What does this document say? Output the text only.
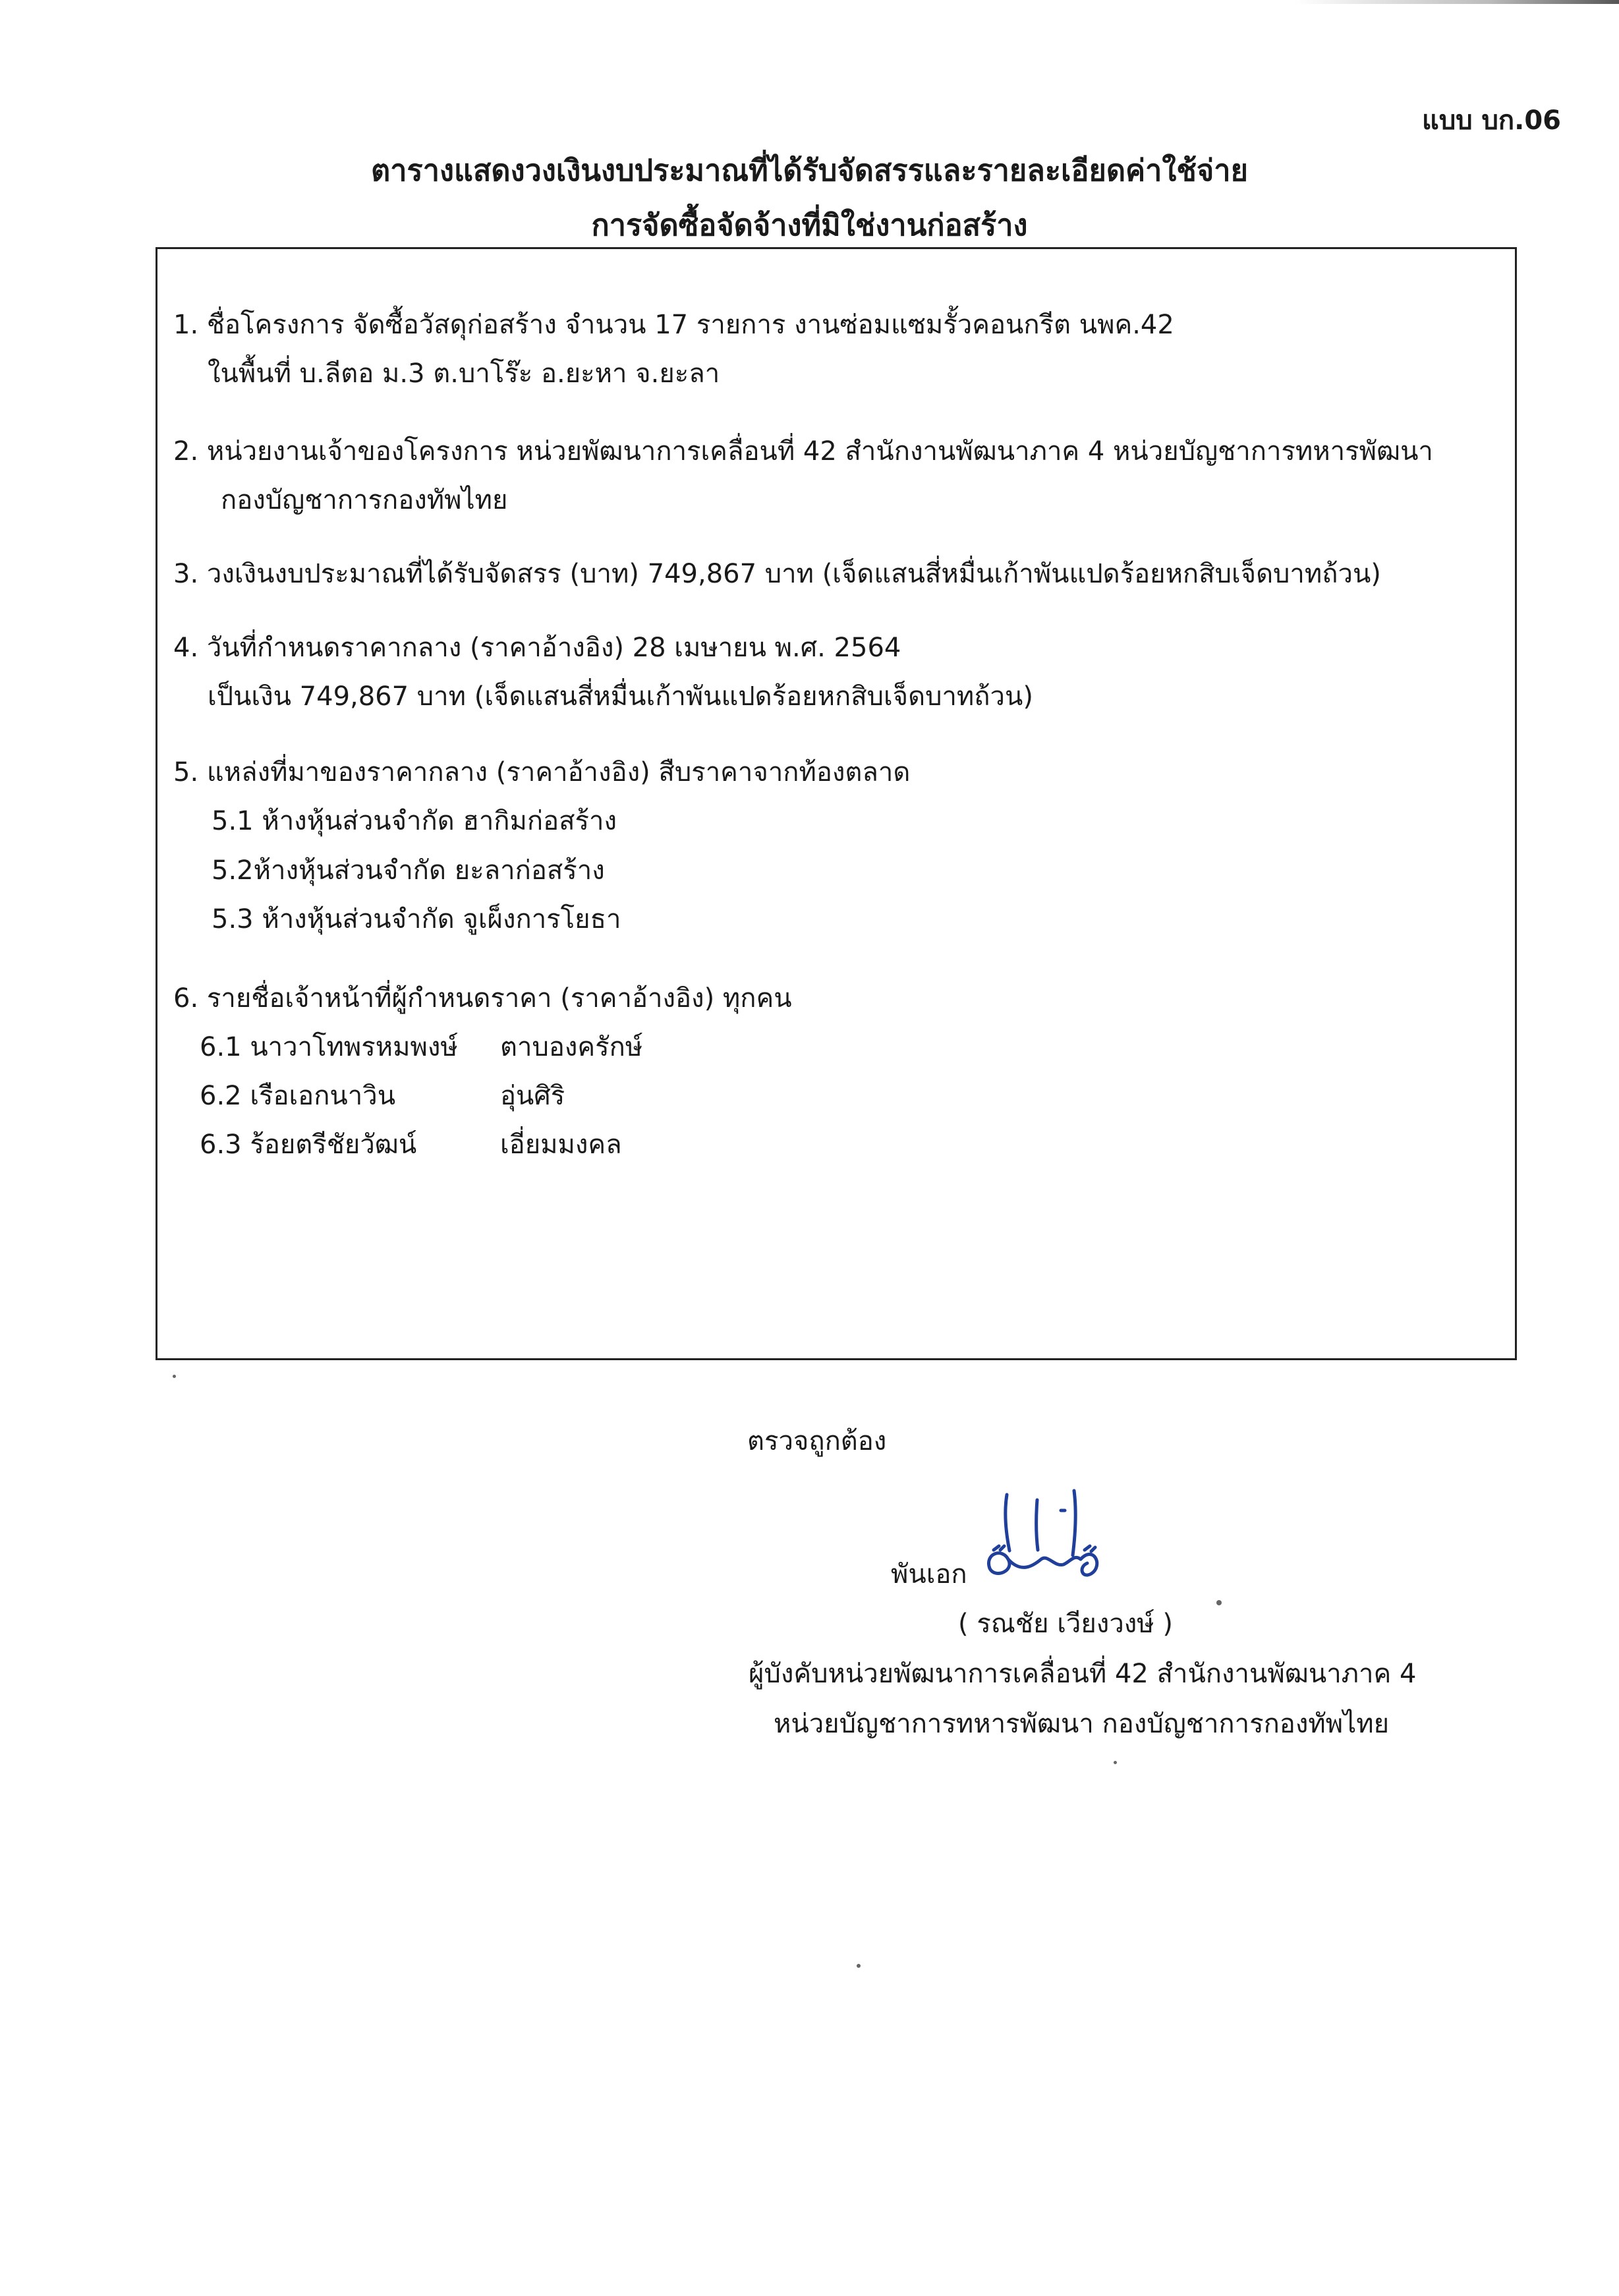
แบบ บก.06
ตารางแสดงวงเงินงบประมาณที่ได้รับจัดสรรและรายละเอียดค่าใช้จ่าย
การจัดซื้อจัดจ้างที่มิใช่งานก่อสร้าง
1. ชื่อโครงการ จัดซื้อวัสดุก่อสร้าง จำนวน 17 รายการ งานซ่อมแซมรั้วคอนกรีต นพค.42
ในพื้นที่ บ.ลีตอ ม.3 ต.บาโร๊ะ อ.ยะหา จ.ยะลา
2. หน่วยงานเจ้าของโครงการ หน่วยพัฒนาการเคลื่อนที่ 42 สำนักงานพัฒนาภาค 4 หน่วยบัญชาการทหารพัฒนา
กองบัญชาการกองทัพไทย
3. วงเงินงบประมาณที่ได้รับจัดสรร (บาท) 749,867 บาท (เจ็ดแสนสี่หมื่นเก้าพันแปดร้อยหกสิบเจ็ดบาทถ้วน)
4. วันที่กำหนดราคากลาง (ราคาอ้างอิง) 28 เมษายน พ.ศ. 2564
เป็นเงิน 749,867 บาท (เจ็ดแสนสี่หมื่นเก้าพันแปดร้อยหกสิบเจ็ดบาทถ้วน)
5. แหล่งที่มาของราคากลาง (ราคาอ้างอิง) สืบราคาจากท้องตลาด
5.1 ห้างหุ้นส่วนจำกัด ฮากิมก่อสร้าง
5.2ห้างหุ้นส่วนจำกัด ยะลาก่อสร้าง
5.3 ห้างหุ้นส่วนจำกัด จูเผ็งการโยธา
6. รายชื่อเจ้าหน้าที่ผู้กำหนดราคา (ราคาอ้างอิง) ทุกคน
6.1 นาวาโทพรหมพงษ์ ตาบองครักษ์
6.2 เรือเอกนาวิน	อุ่นศิริ
6.3 ร้อยตรีชัยวัฒน์	เอี่ยมมงคล
ตรวจถูกต้อง
พันเอก
( รณชัย เวียงวงษ์ )
ผู้บังคับหน่วยพัฒนาการเคลื่อนที่ 42 สำนักงานพัฒนาภาค 4
หน่วยบัญชาการทหารพัฒนา กองบัญชาการกองทัพไทย
